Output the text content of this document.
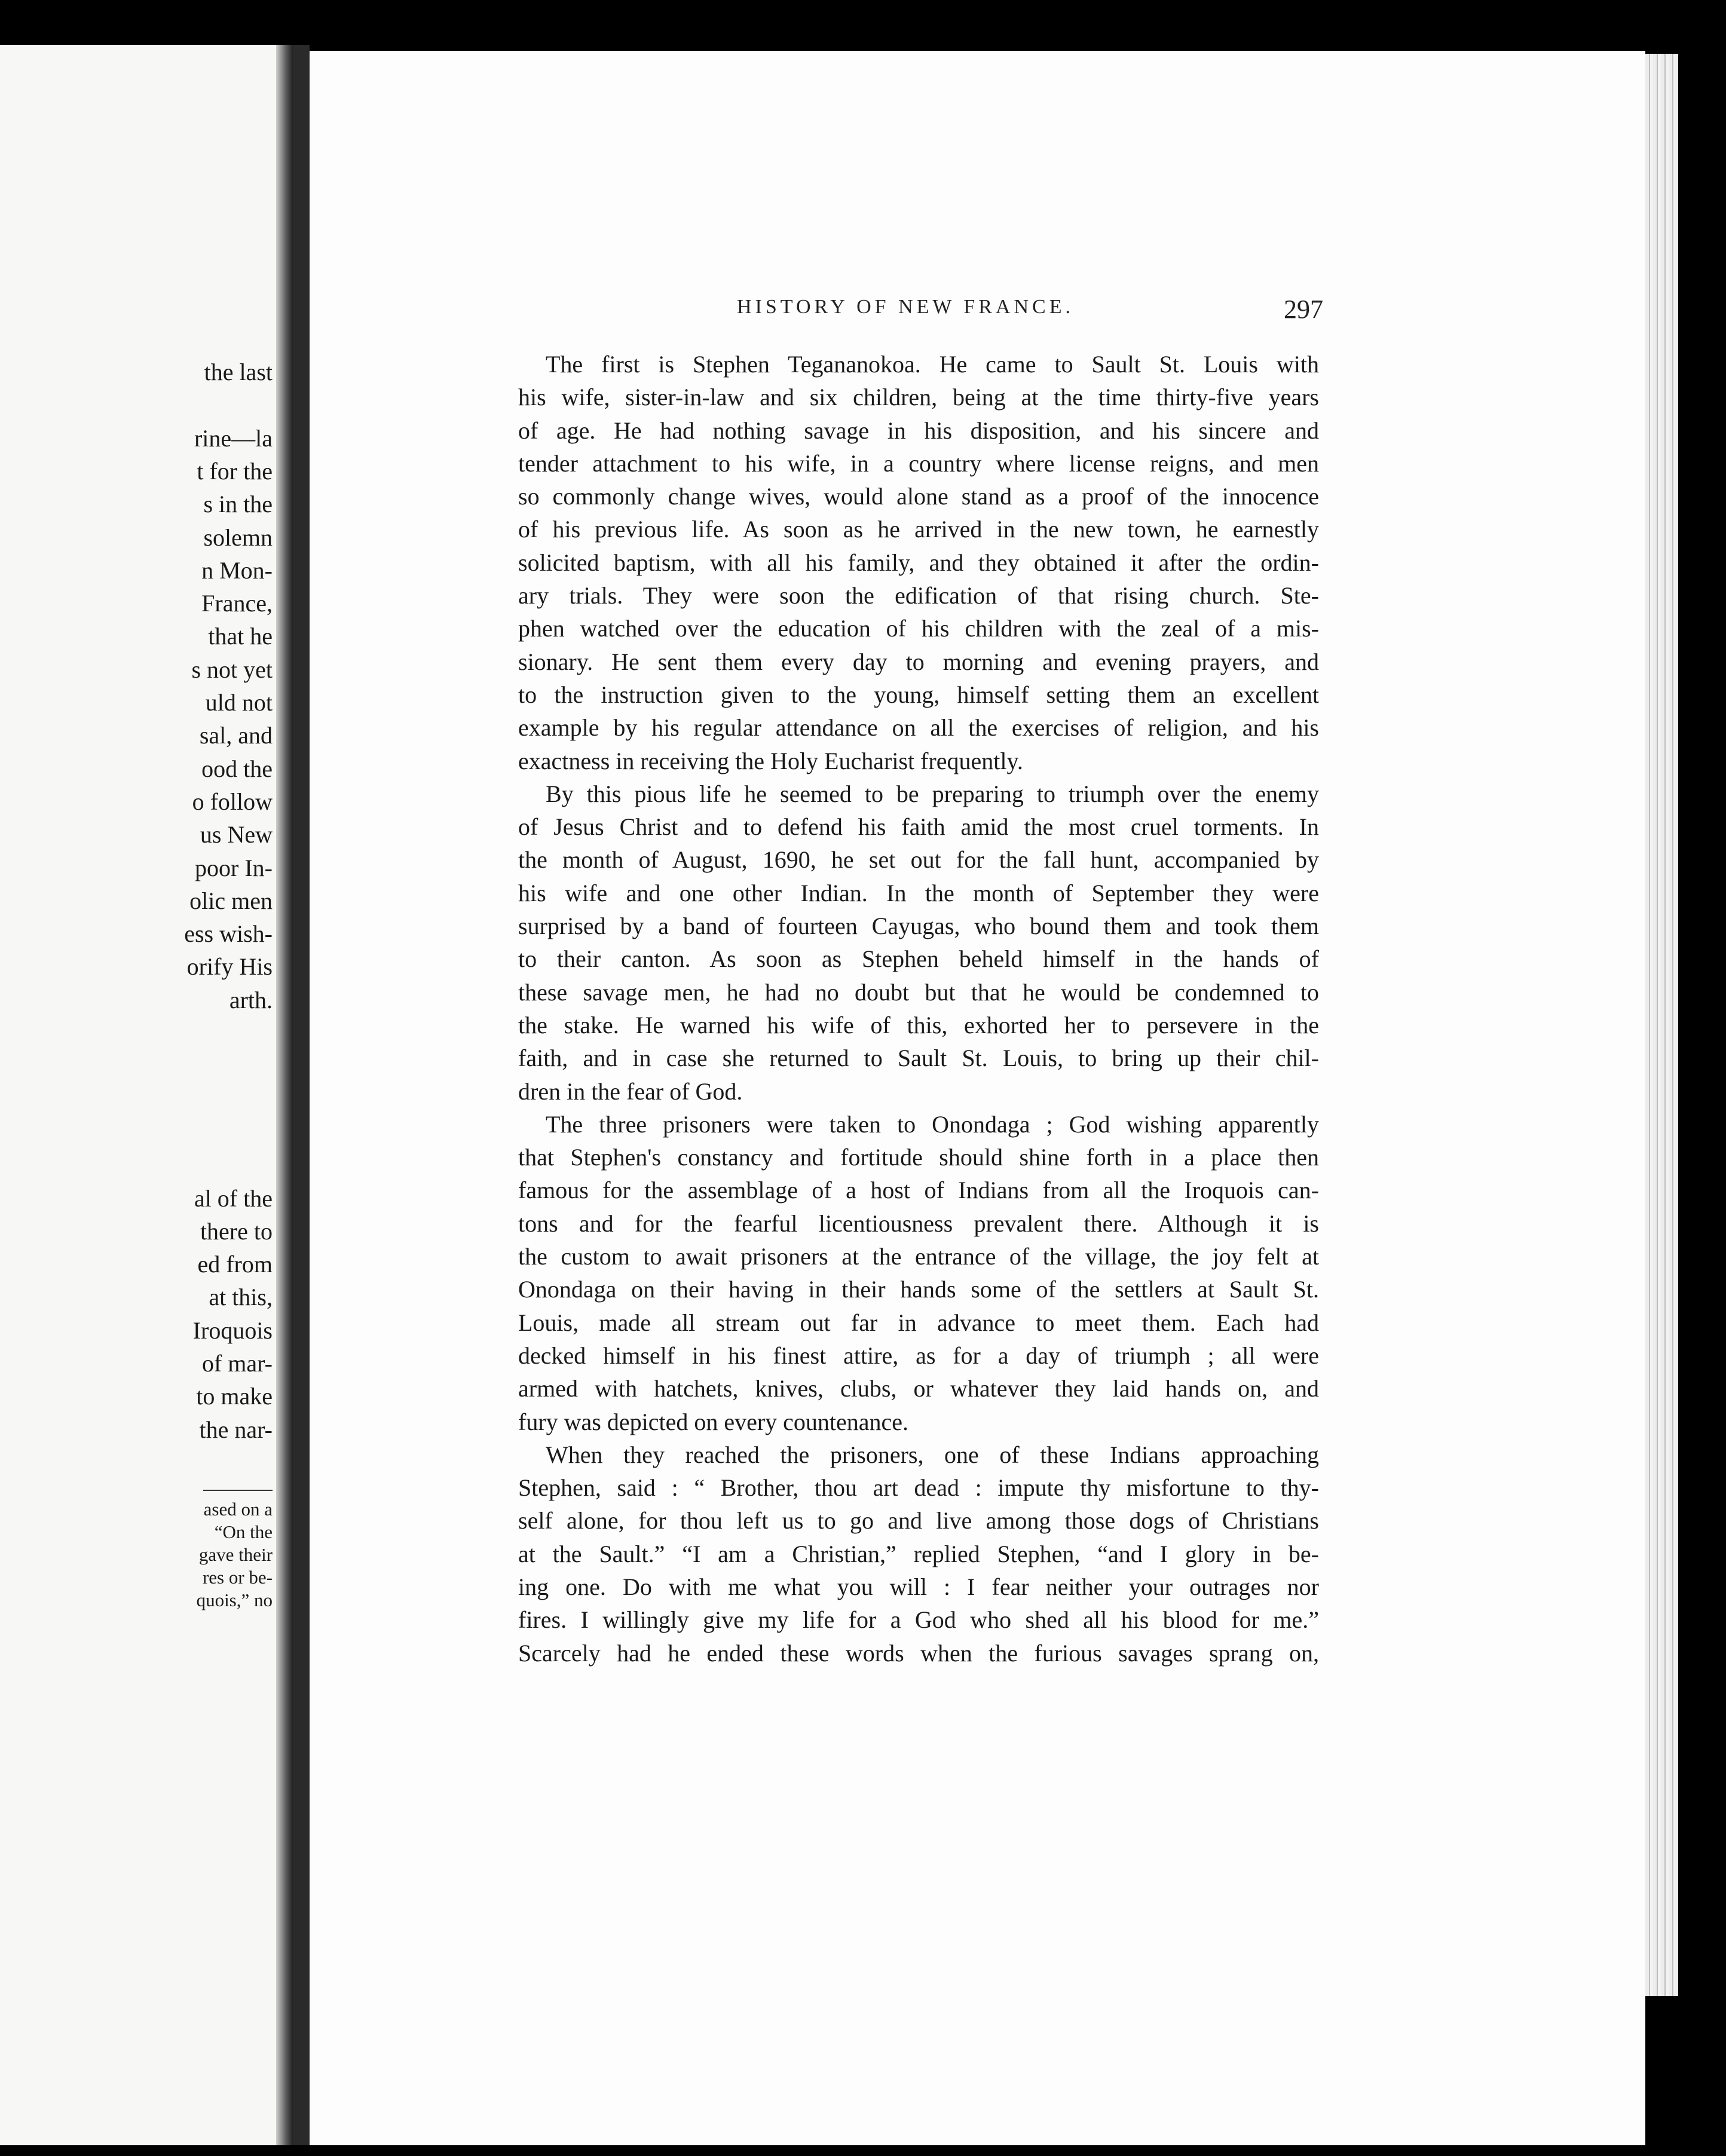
the last
rine—la
t for the
s in the
solemn
n Mon-
France,
that he
s not yet
uld not
sal, and
ood the
o follow
us New
poor In-
olic men
ess wish-
orify His
arth.
al of the
there to
ed from
at this,
Iroquois
of mar-
to make
the nar-
ased on a
“On the
gave their
res or be-
quois,” no
HISTORY OF NEW FRANCE.	297
The first is Stephen Tegananokoa. He came to Sault St. Louis with
his wife, sister-in-law and six children, being at the time thirty-five years
of age. He had nothing savage in his disposition, and his sincere and
tender attachment to his wife, in a country where license reigns, and men
so commonly change wives, would alone stand as a proof of the innocence
of his previous life. As soon as he arrived in the new town, he earnestly
solicited baptism, with all his family, and they obtained it after the ordin-
ary trials. They were soon the edification of that rising church. Ste-
phen watched over the education of his children with the zeal of a mis-
sionary. He sent them every day to morning and evening prayers, and
to the instruction given to the young, himself setting them an excellent
example by his regular attendance on all the exercises of religion, and his
exactness in receiving the Holy Eucharist frequently.
By this pious life he seemed to be preparing to triumph over the enemy
of Jesus Christ and to defend his faith amid the most cruel torments. In
the month of August, 1690, he set out for the fall hunt, accompanied by
his wife and one other Indian. In the month of September they were
surprised by a band of fourteen Cayugas, who bound them and took them
to their canton. As soon as Stephen beheld himself in the hands of
these savage men, he had no doubt but that he would be condemned to
the stake. He warned his wife of this, exhorted her to persevere in the
faith, and in case she returned to Sault St. Louis, to bring up their chil-
dren in the fear of God.
The three prisoners were taken to Onondaga ; God wishing apparently
that Stephen's constancy and fortitude should shine forth in a place then
famous for the assemblage of a host of Indians from all the Iroquois can-
tons and for the fearful licentiousness prevalent there. Although it is
the custom to await prisoners at the entrance of the village, the joy felt at
Onondaga on their having in their hands some of the settlers at Sault St.
Louis, made all stream out far in advance to meet them. Each had
decked himself in his finest attire, as for a day of triumph ; all were
armed with hatchets, knives, clubs, or whatever they laid hands on, and
fury was depicted on every countenance.
When they reached the prisoners, one of these Indians approaching
Stephen, said : “ Brother, thou art dead : impute thy misfortune to thy-
self alone, for thou left us to go and live among those dogs of Christians
at the Sault.” “I am a Christian,” replied Stephen, “and I glory in be-
ing one. Do with me what you will : I fear neither your outrages nor
fires. I willingly give my life for a God who shed all his blood for me.”
Scarcely had he ended these words when the furious savages sprang on,
